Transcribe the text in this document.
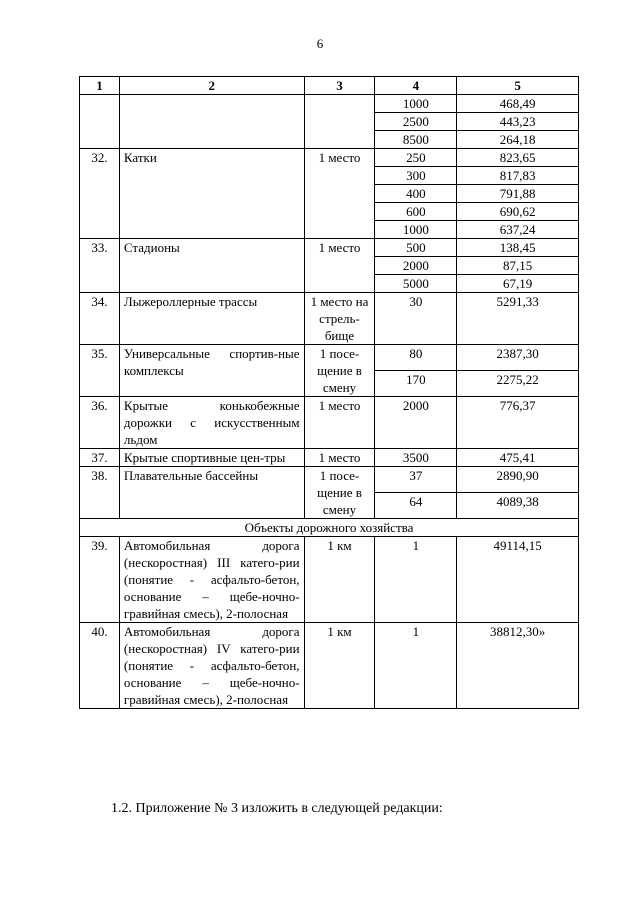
6
1	2	3	4	5
			1000	468,49
			2500	443,23
			8500	264,18
32.	Катки	1 место	250	823,65
			300	817,83
			400	791,88
			600	690,62
			1000	637,24
33.	Стадионы	1 место	500	138,45
			2000	87,15
			5000	67,19
34.	Лыжероллерные трассы	1 место на стрель-бище	30	5291,33
35.	Универсальные спортив-ные комплексы	1 посе-щение в смену	80	2387,30
			170	2275,22
36.	Крытые конькобежные дорожки с искусственным льдом	1 место	2000	776,37
37.	Крытые спортивные цен-тры	1 место	3500	475,41
38.	Плавательные бассейны	1 посе-щение в смену	37	2890,90
			64	4089,38
Объекты дорожного хозяйства				
39.	Автомобильная дорога (нескоростная) III катего-рии (понятие - асфальто-бетон, основание – щебе-ночно-гравийная смесь), 2-полосная	1 км	1	49114,15
40.	Автомобильная дорога (нескоростная) IV катего-рии (понятие - асфальто-бетон, основание – щебе-ночно-гравийная смесь), 2-полосная	1 км	1	38812,30»
1.2. Приложение № 3 изложить в следующей редакции:
